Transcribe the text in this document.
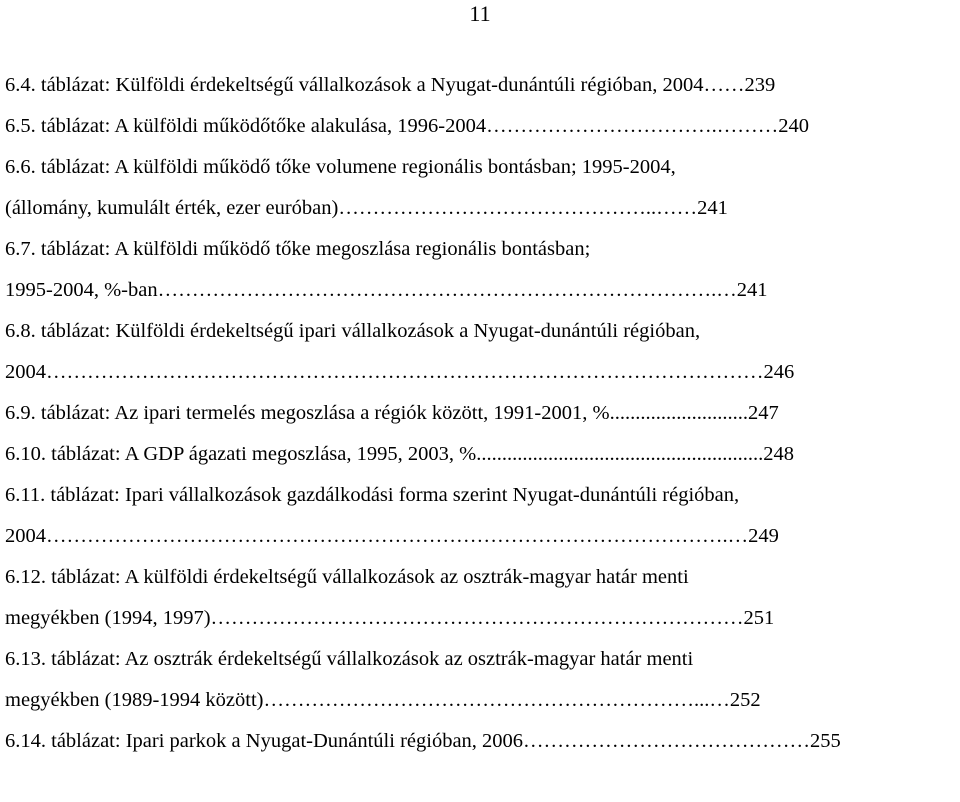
11
6.4. táblázat: Külföldi érdekeltségű vállalkozások a Nyugat-dunántúli régióban, 2004……239
6.5. táblázat: A külföldi működőtőke alakulása, 1996-2004…………………………….………240
6.6. táblázat: A külföldi működő tőke volumene regionális bontásban; 1995-2004,
(állomány, kumulált érték, ezer euróban)………………………………………..……241
6.7. táblázat: A külföldi működő tőke megoszlása regionális bontásban;
1995-2004, %-ban……………………………………………………………………….…241
6.8. táblázat: Külföldi érdekeltségű ipari vállalkozások a Nyugat-dunántúli régióban,
2004……………………………………………………………………………………………246
6.9. táblázat: Az ipari termelés megoszlása a régiók között, 1991-2001, %...........................247
6.10. táblázat: A GDP ágazati megoszlása, 1995, 2003, %........................................................248
6.11. táblázat: Ipari vállalkozások gazdálkodási forma szerint Nyugat-dunántúli régióban,
2004……………………………………………………………………………………….…249
6.12. táblázat: A külföldi érdekeltségű vállalkozások az osztrák-magyar határ menti
megyékben (1994, 1997)……………………………………………………………………251
6.13. táblázat: Az osztrák érdekeltségű vállalkozások az osztrák-magyar határ menti
megyékben (1989-1994 között)………………………………………………………...…252
6.14. táblázat: Ipari parkok a Nyugat-Dunántúli régióban, 2006……………………………………255
